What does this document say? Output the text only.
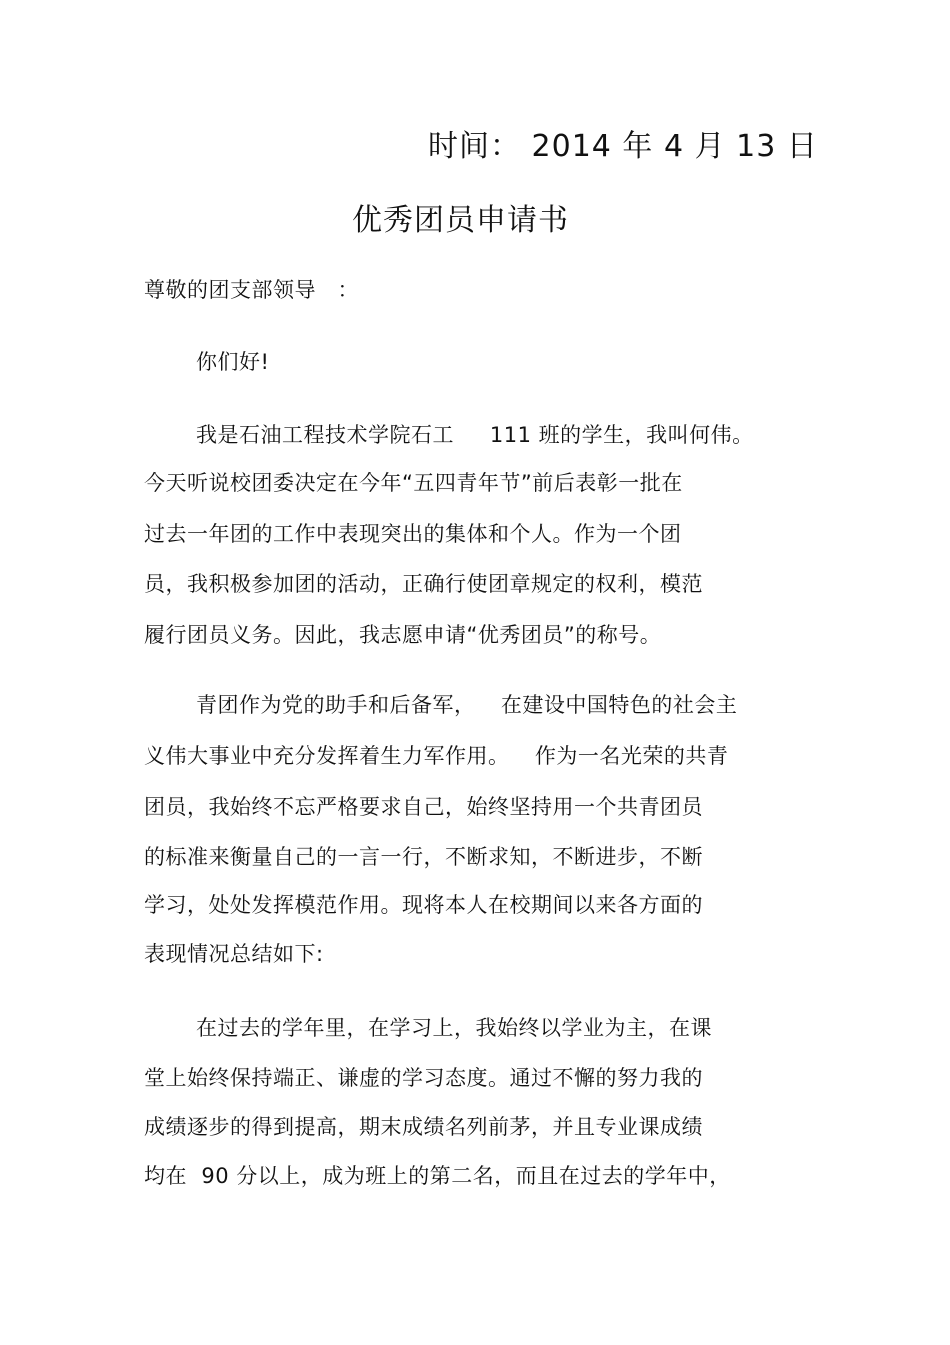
时间： 2014 年 4 月 13 日
优秀团员申请书
尊敬的团支部领导　：
你们好!
我是石油工程技术学院石工　  111 班的学生，我叫何伟。
今天听说校团委决定在今年“五四青年节”前后表彰一批在
过去一年团的工作中表现突出的集体和个人。作为一个团
员，我积极参加团的活动，正确行使团章规定的权利，模范
履行团员义务。因此，我志愿申请“优秀团员”的称号。
青团作为党的助手和后备军，　  在建设中国特色的社会主
义伟大事业中充分发挥着生力军作用。　  作为一名光荣的共青
团员，我始终不忘严格要求自己，始终坚持用一个共青团员
的标准来衡量自己的一言一行，不断求知，不断进步，不断
学习，处处发挥模范作用。现将本人在校期间以来各方面的
表现情况总结如下:
在过去的学年里，在学习上，我始终以学业为主，在课
堂上始终保持端正、谦虚的学习态度。通过不懈的努力我的
成绩逐步的得到提高，期末成绩名列前茅，并且专业课成绩
均在  90 分以上，成为班上的第二名，而且在过去的学年中，
